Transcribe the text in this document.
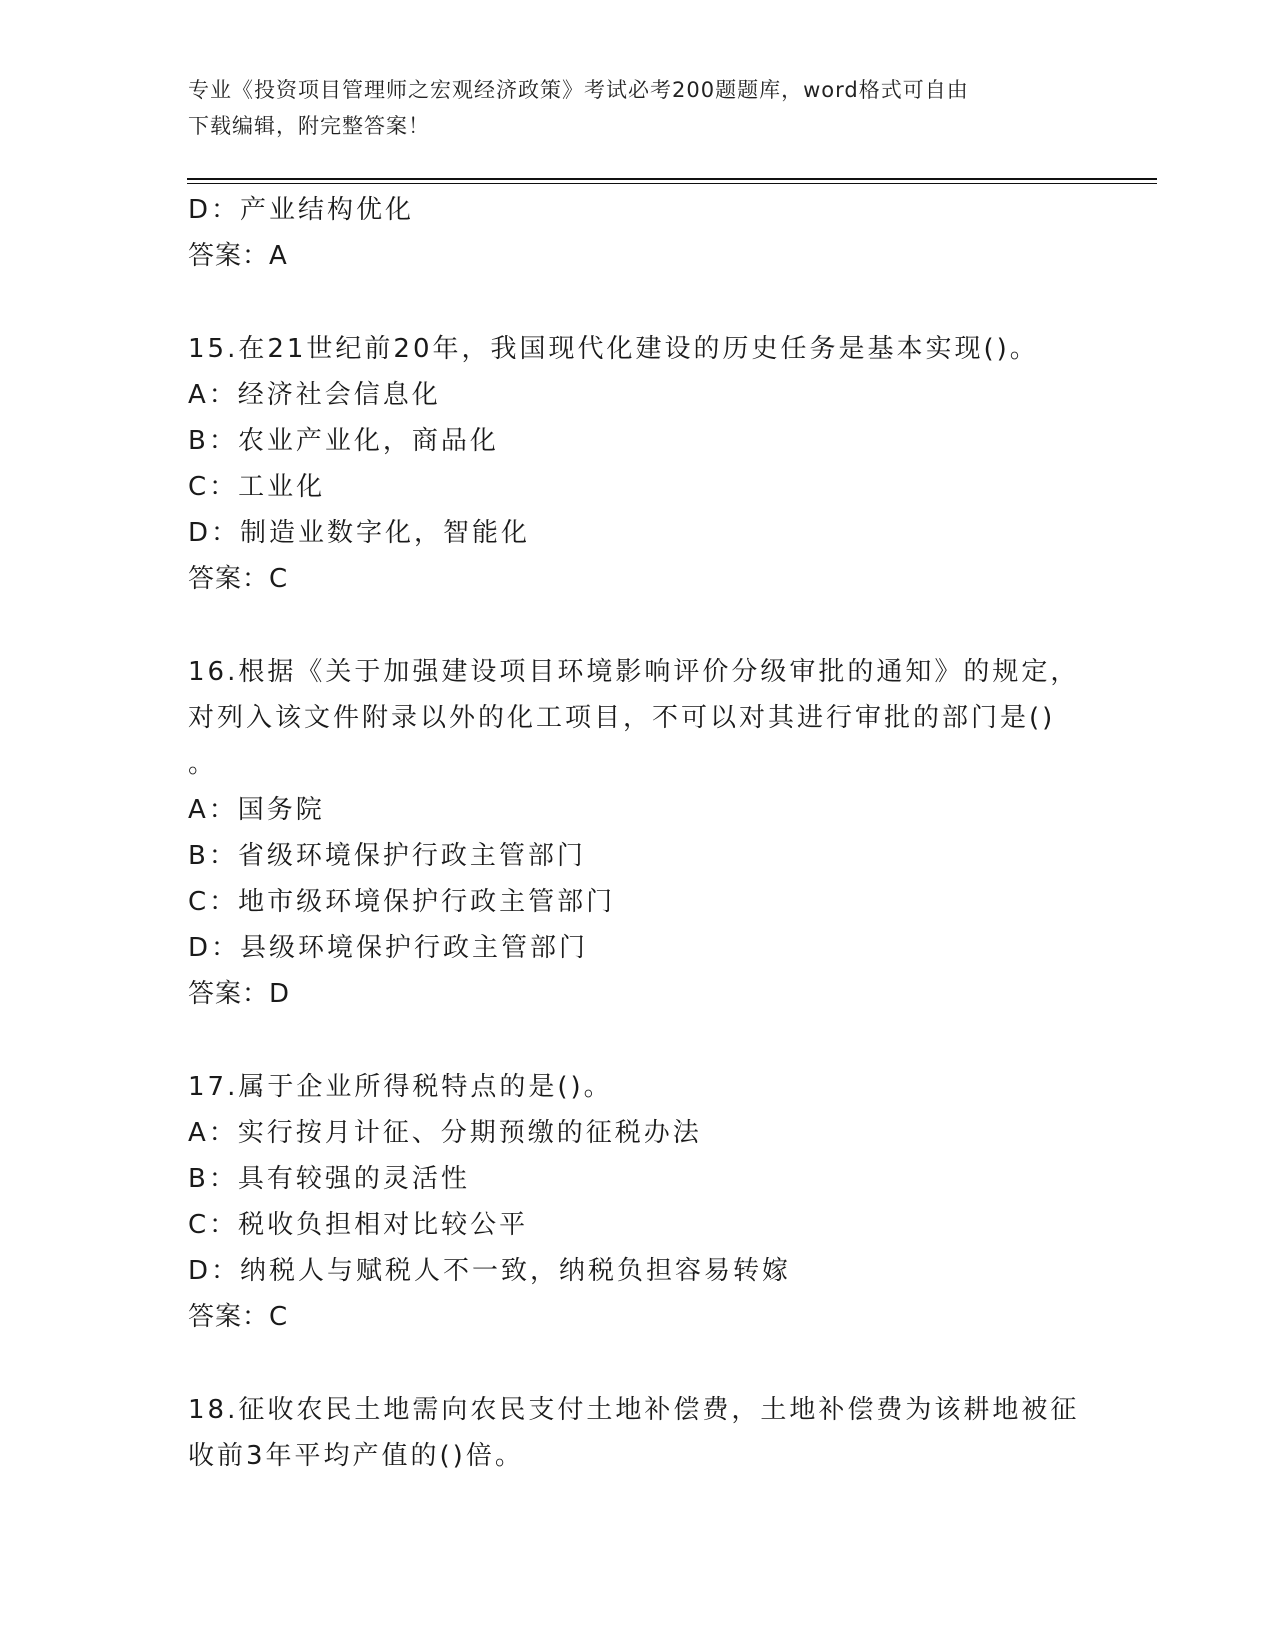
专业《投资项目管理师之宏观经济政策》考试必考200题题库，word格式可自由
下载编辑，附完整答案！
D：产业结构优化
答案：A
15.在21世纪前20年，我国现代化建设的历史任务是基本实现()。
A：经济社会信息化
B：农业产业化，商品化
C：工业化
D：制造业数字化，智能化
答案：C
16.根据《关于加强建设项目环境影响评价分级审批的通知》的规定，
对列入该文件附录以外的化工项目，不可以对其进行审批的部门是()
。
A：国务院
B：省级环境保护行政主管部门
C：地市级环境保护行政主管部门
D：县级环境保护行政主管部门
答案：D
17.属于企业所得税特点的是()。
A：实行按月计征、分期预缴的征税办法
B：具有较强的灵活性
C：税收负担相对比较公平
D：纳税人与赋税人不一致，纳税负担容易转嫁
答案：C
18.征收农民土地需向农民支付土地补偿费，土地补偿费为该耕地被征
收前3年平均产值的()倍。
